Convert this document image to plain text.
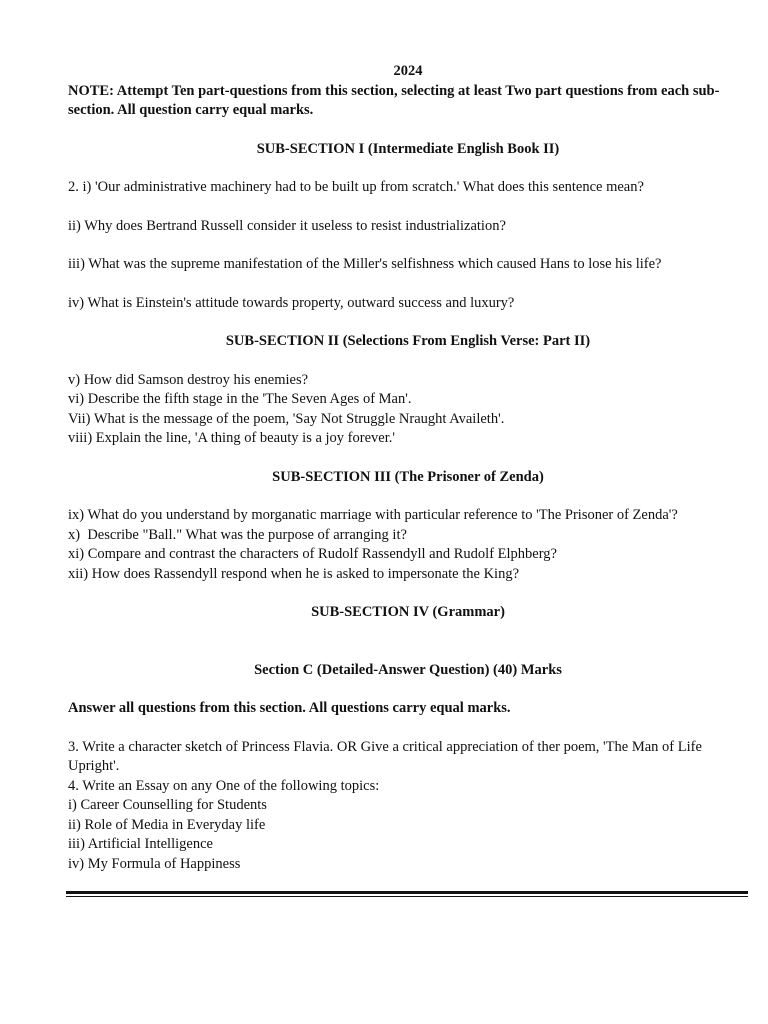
2024
NOTE: Attempt Ten part-questions from this section, selecting at least Two part questions from each sub-section. All question carry equal marks.
SUB-SECTION I (Intermediate English Book II)
2. i) 'Our administrative machinery had to be built up from scratch.' What does this sentence mean?
ii) Why does Bertrand Russell consider it useless to resist industrialization?
iii) What was the supreme manifestation of the Miller's selfishness which caused Hans to lose his life?
iv) What is Einstein's attitude towards property, outward success and luxury?
SUB-SECTION II (Selections From English Verse: Part II)
v) How did Samson destroy his enemies?
vi) Describe the fifth stage in the 'The Seven Ages of Man'.
Vii) What is the message of the poem, 'Say Not Struggle Nraught Availeth'.
viii) Explain the line, 'A thing of beauty is a joy forever.'
SUB-SECTION III (The Prisoner of Zenda)
ix) What do you understand by morganatic marriage with particular reference to 'The Prisoner of Zenda'?
x)  Describe "Ball." What was the purpose of arranging it?
xi) Compare and contrast the characters of Rudolf Rassendyll and Rudolf Elphberg?
xii) How does Rassendyll respond when he is asked to impersonate the King?
SUB-SECTION IV (Grammar)
Section C (Detailed-Answer Question) (40) Marks
Answer all questions from this section. All questions carry equal marks.
3. Write a character sketch of Princess Flavia. OR Give a critical appreciation of ther poem, 'The Man of Life Upright'.
4. Write an Essay on any One of the following topics:
i) Career Counselling for Students
ii) Role of Media in Everyday life
iii) Artificial Intelligence
iv) My Formula of Happiness
